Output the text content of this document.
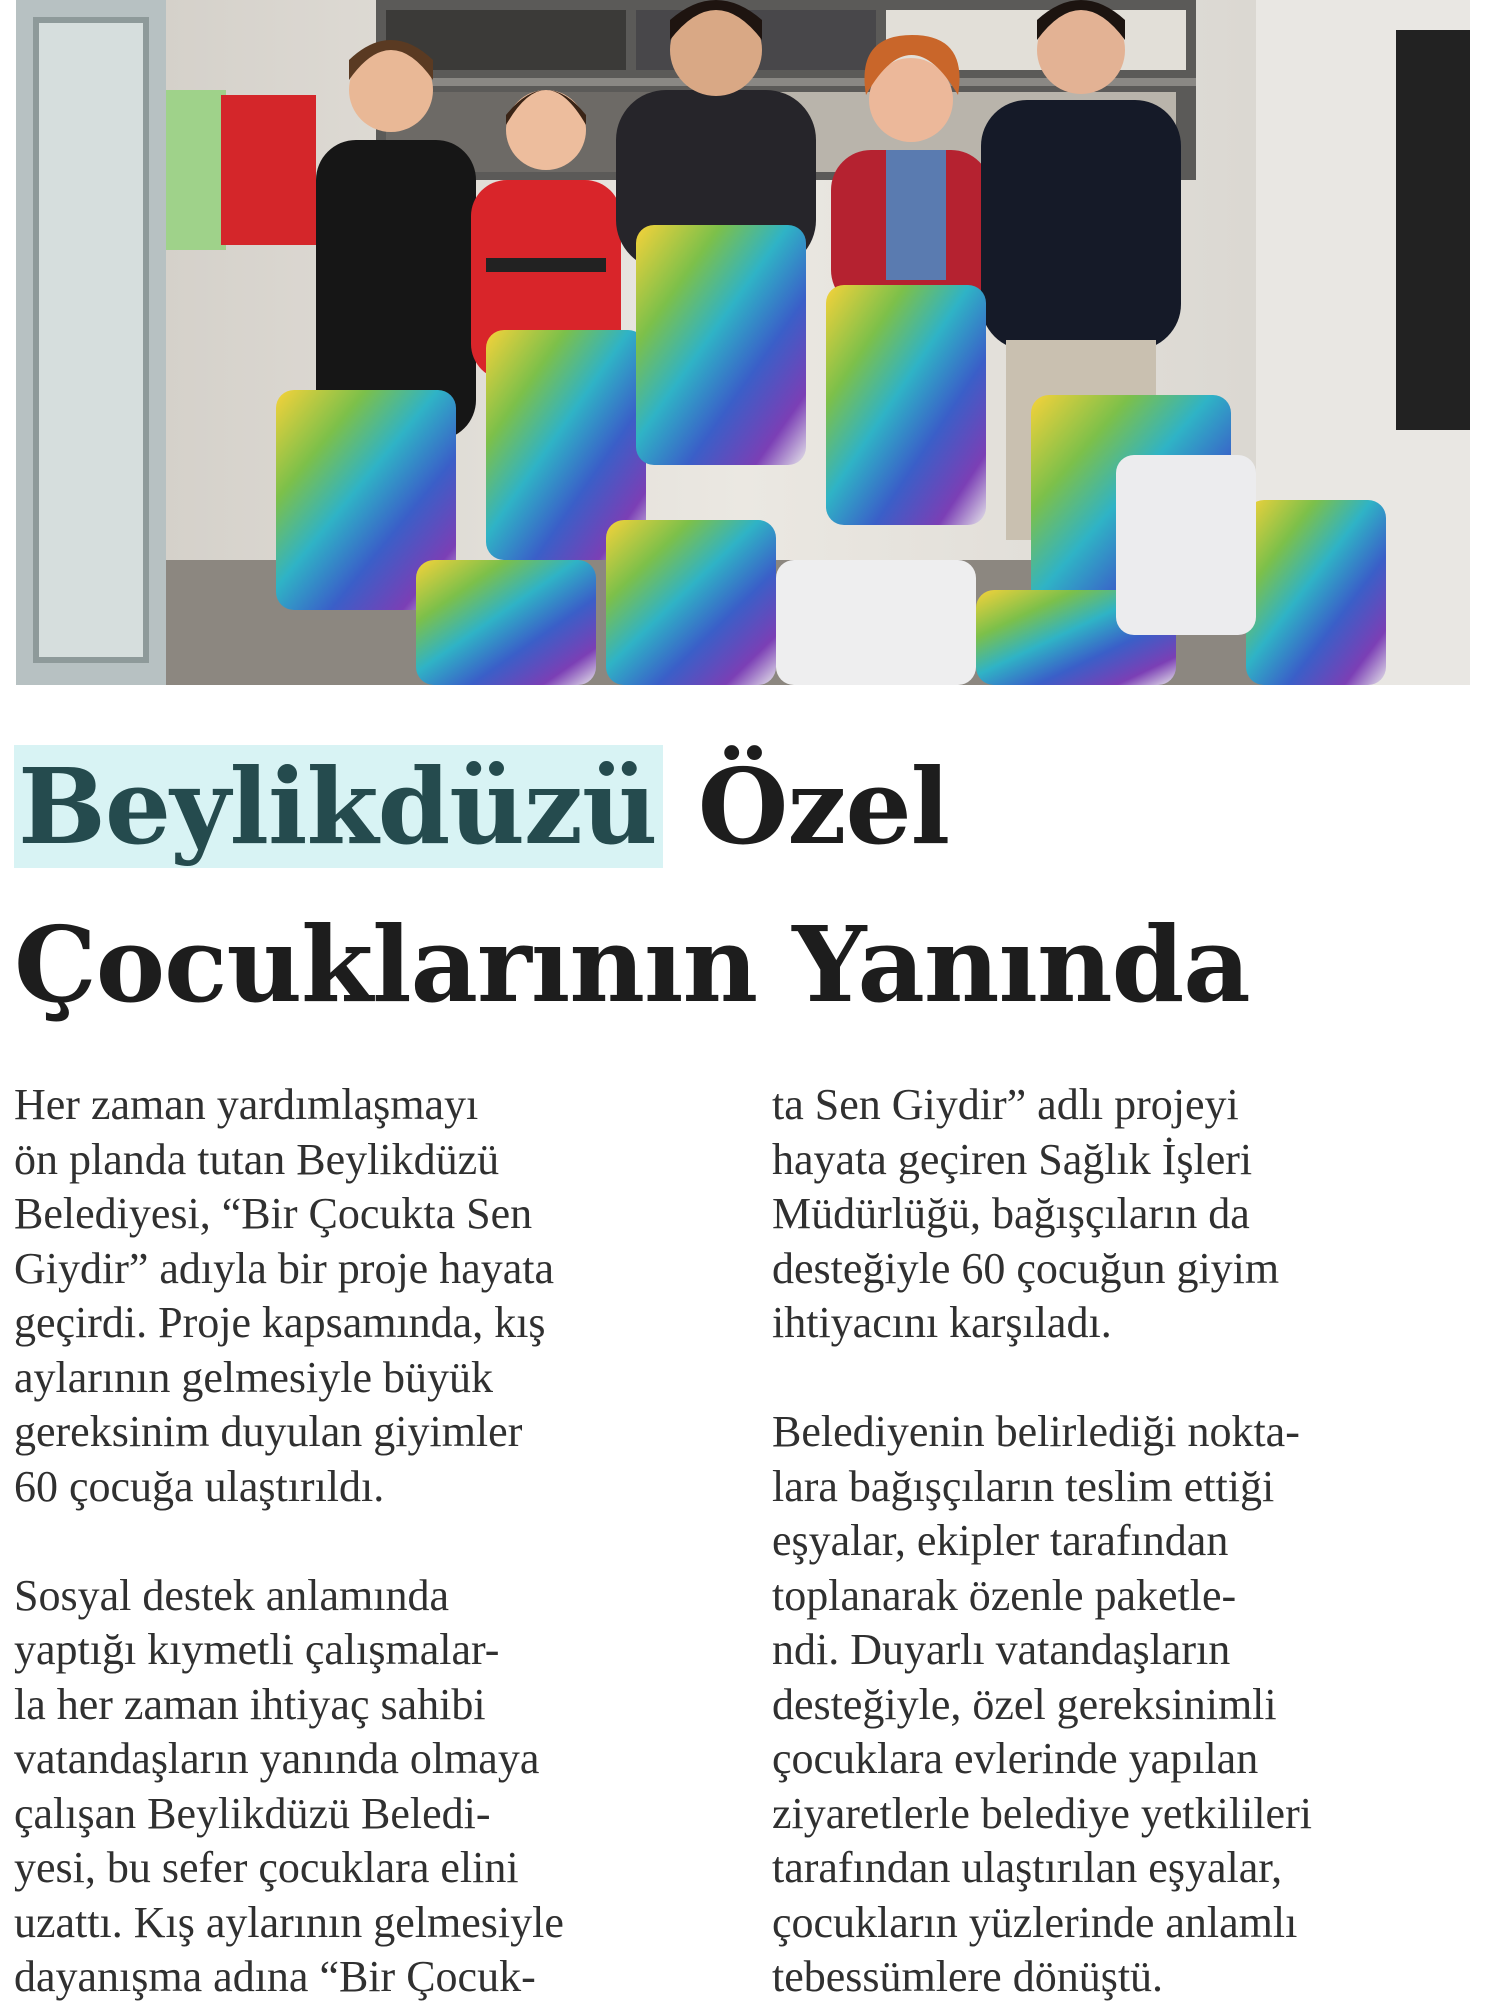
Beylikdüzü Özel
Çocuklarının Yanında

Her zaman yardımlaşmayı
ön planda tutan Beylikdüzü
Belediyesi, “Bir Çocukta Sen
Giydir” adıyla bir proje hayata
geçirdi. Proje kapsamında, kış
aylarının gelmesiyle büyük
gereksinim duyulan giyimler
60 çocuğa ulaştırıldı.

Sosyal destek anlamında
yaptığı kıymetli çalışmalar-
la her zaman ihtiyaç sahibi
vatandaşların yanında olmaya
çalışan Beylikdüzü Beledi-
yesi, bu sefer çocuklara elini
uzattı. Kış aylarının gelmesiyle
dayanışma adına “Bir Çocuk-

ta Sen Giydir” adlı projeyi
hayata geçiren Sağlık İşleri
Müdürlüğü, bağışçıların da
desteğiyle 60 çocuğun giyim
ihtiyacını karşıladı.

Belediyenin belirlediği nokta-
lara bağışçıların teslim ettiği
eşyalar, ekipler tarafından
toplanarak özenle paketle-
ndi. Duyarlı vatandaşların
desteğiyle, özel gereksinimli
çocuklara evlerinde yapılan
ziyaretlerle belediye yetkilileri
tarafından ulaştırılan eşyalar,
çocukların yüzlerinde anlamlı
tebessümlere dönüştü.
